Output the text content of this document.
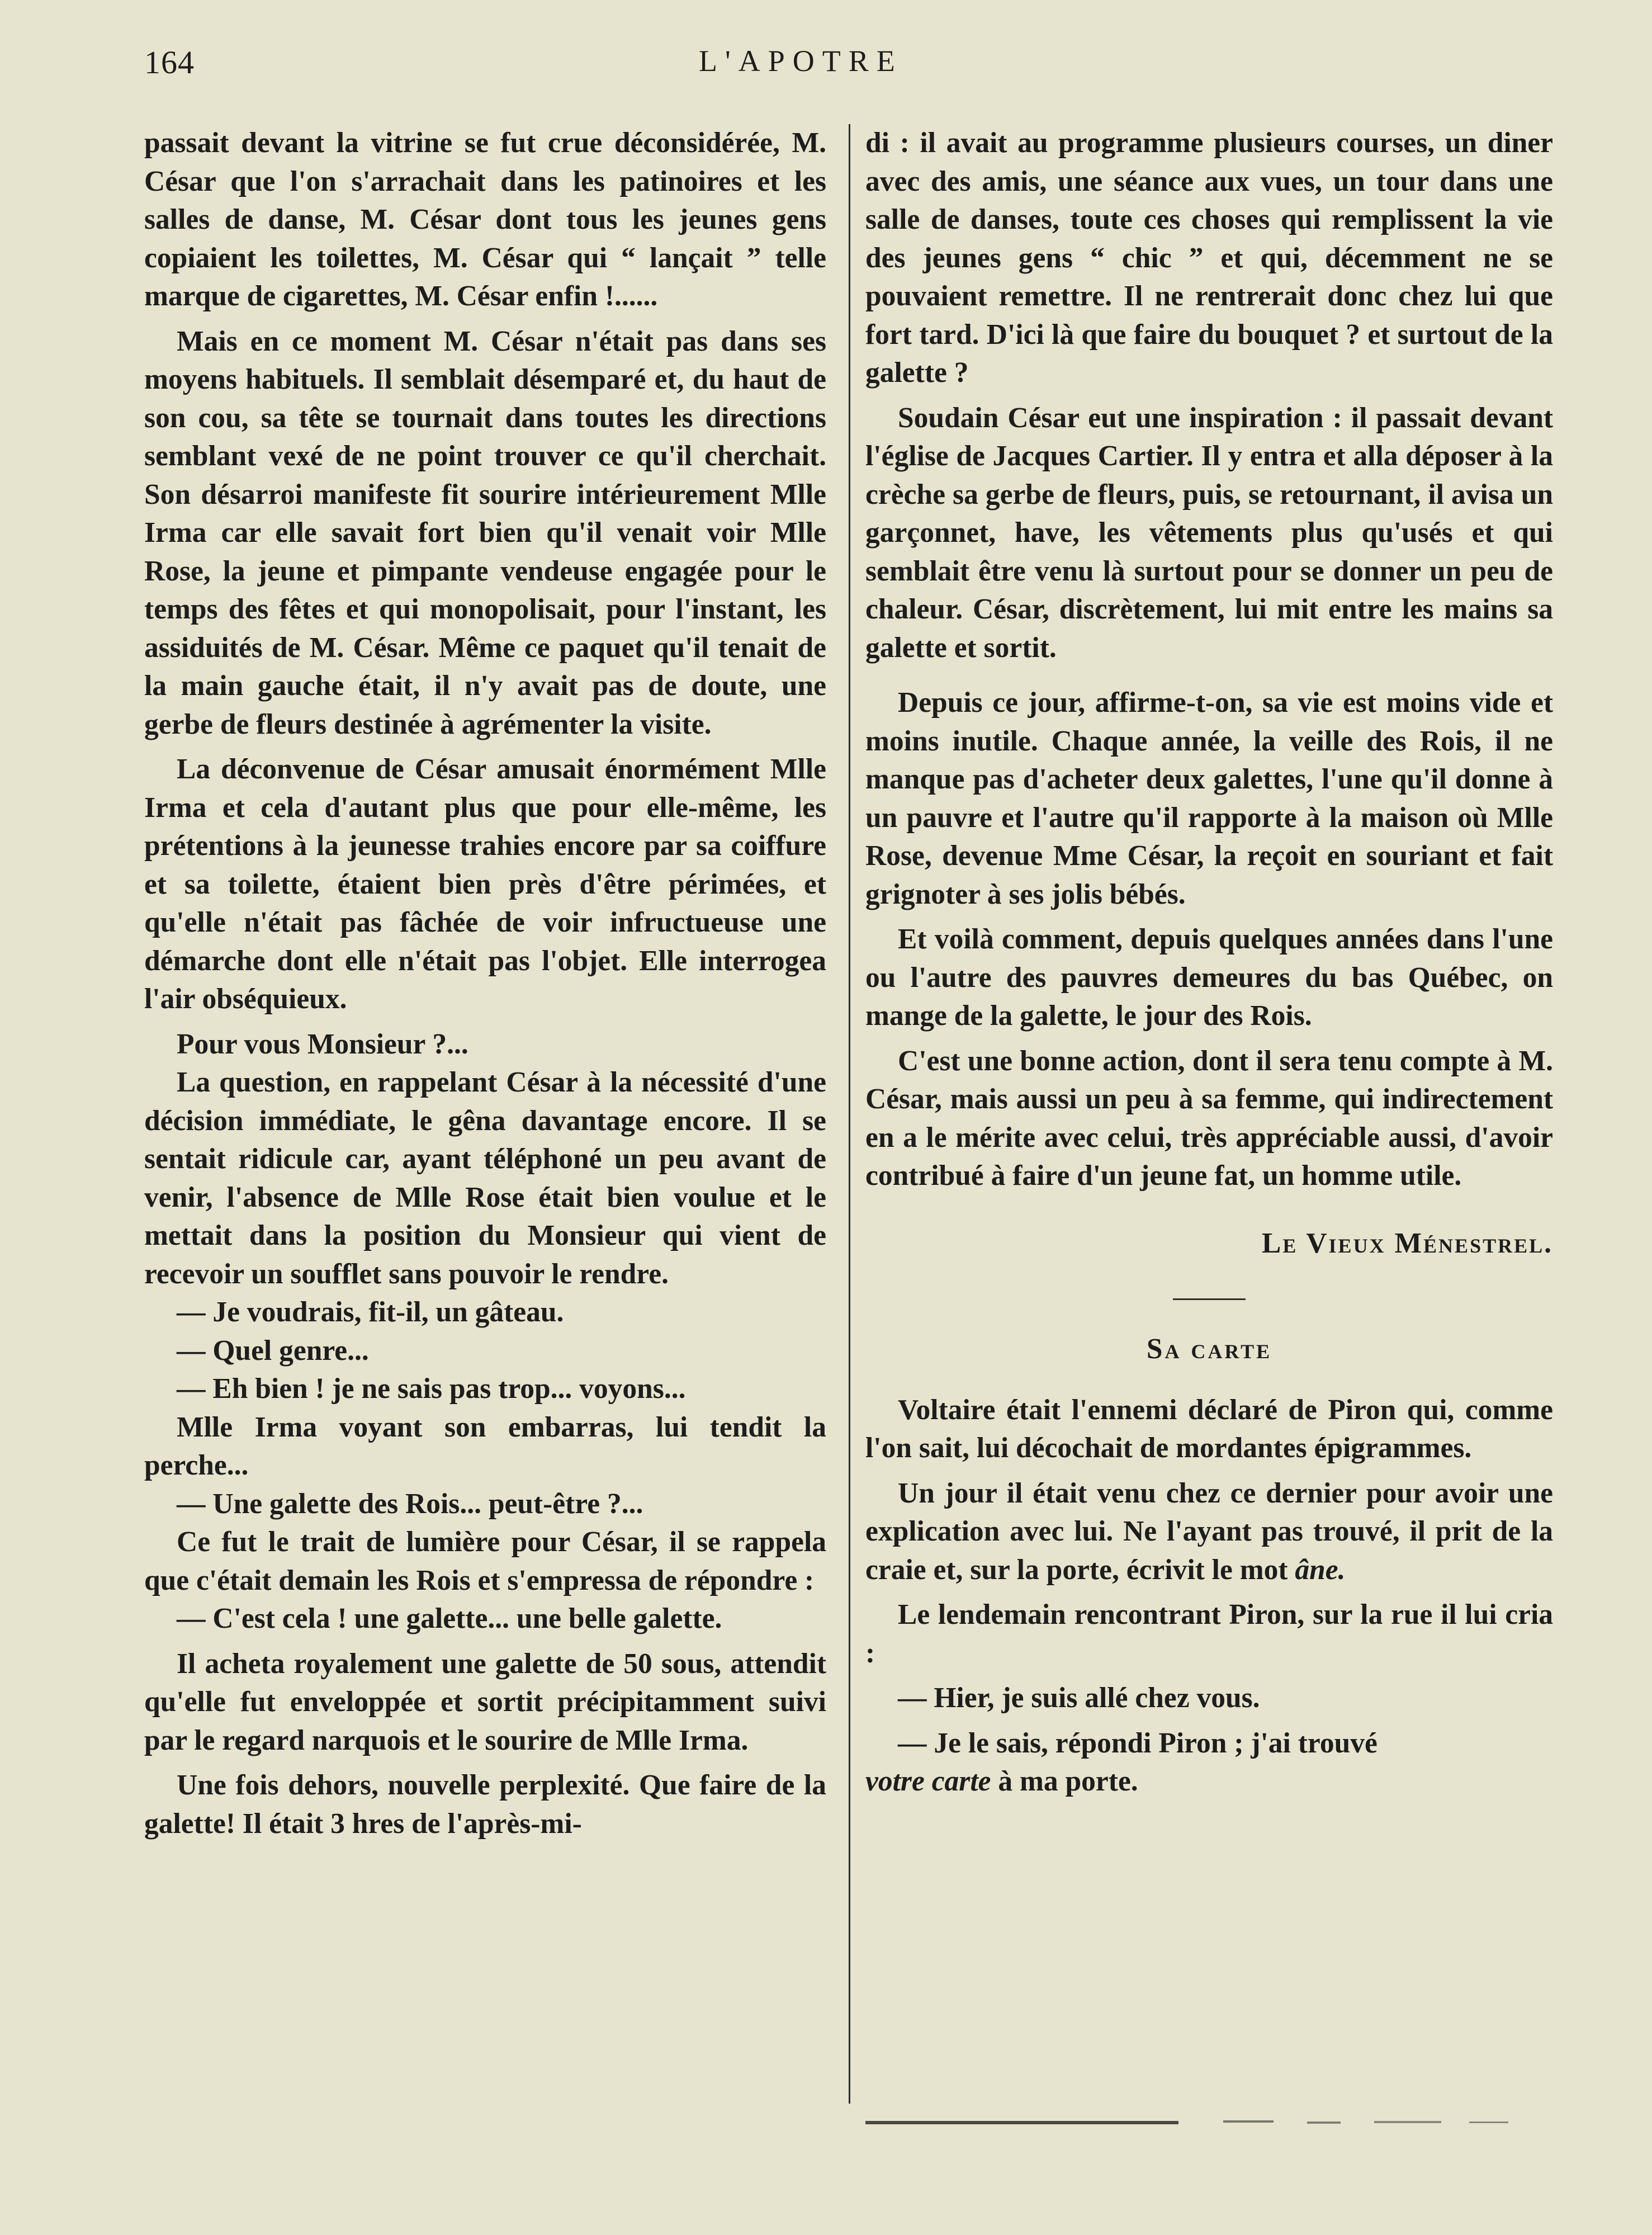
164	L'APOTRE

passait devant la vitrine se fut crue déconsidérée, M. César que l'on s'arrachait dans les patinoires et les salles de danse, M. César dont tous les jeunes gens copiaient les toilettes, M. César qui “ lançait ” telle marque de cigarettes, M. César enfin !......

Mais en ce moment M. César n'était pas dans ses moyens habituels. Il semblait désemparé et, du haut de son cou, sa tête se tournait dans toutes les directions semblant vexé de ne point trouver ce qu'il cherchait. Son désarroi manifeste fit sourire intérieurement Mlle Irma car elle savait fort bien qu'il venait voir Mlle Rose, la jeune et pimpante vendeuse engagée pour le temps des fêtes et qui monopolisait, pour l'instant, les assiduités de M. César. Même ce paquet qu'il tenait de la main gauche était, il n'y avait pas de doute, une gerbe de fleurs destinée à agrémenter la visite.

La déconvenue de César amusait énormément Mlle Irma et cela d'autant plus que pour elle-même, les prétentions à la jeunesse trahies encore par sa coiffure et sa toilette, étaient bien près d'être périmées, et qu'elle n'était pas fâchée de voir infructueuse une démarche dont elle n'était pas l'objet. Elle interrogea l'air obséquieux.

Pour vous Monsieur ?...

La question, en rappelant César à la nécessité d'une décision immédiate, le gêna davantage encore. Il se sentait ridicule car, ayant téléphoné un peu avant de venir, l'absence de Mlle Rose était bien voulue et le mettait dans la position du Monsieur qui vient de recevoir un soufflet sans pouvoir le rendre.

— Je voudrais, fit-il, un gâteau.

— Quel genre...

— Eh bien ! je ne sais pas trop... voyons...

Mlle Irma voyant son embarras, lui tendit la perche...

— Une galette des Rois... peut-être ?...

Ce fut le trait de lumière pour César, il se rappela que c'était demain les Rois et s'empressa de répondre :

— C'est cela ! une galette... une belle galette.

Il acheta royalement une galette de 50 sous, attendit qu'elle fut enveloppée et sortit précipitamment suivi par le regard narquois et le sourire de Mlle Irma.

Une fois dehors, nouvelle perplexité. Que faire de la galette! Il était 3 hres de l'après-mi-

di : il avait au programme plusieurs courses, un diner avec des amis, une séance aux vues, un tour dans une salle de danses, toute ces choses qui remplissent la vie des jeunes gens “ chic ” et qui, décemment ne se pouvaient remettre. Il ne rentrerait donc chez lui que fort tard. D'ici là que faire du bouquet ? et surtout de la galette ?

Soudain César eut une inspiration : il passait devant l'église de Jacques Cartier. Il y entra et alla déposer à la crèche sa gerbe de fleurs, puis, se retournant, il avisa un garçonnet, have, les vêtements plus qu'usés et qui semblait être venu là surtout pour se donner un peu de chaleur. César, discrètement, lui mit entre les mains sa galette et sortit.

Depuis ce jour, affirme-t-on, sa vie est moins vide et moins inutile. Chaque année, la veille des Rois, il ne manque pas d'acheter deux galettes, l'une qu'il donne à un pauvre et l'autre qu'il rapporte à la maison où Mlle Rose, devenue Mme César, la reçoit en souriant et fait grignoter à ses jolis bébés.

Et voilà comment, depuis quelques années dans l'une ou l'autre des pauvres demeures du bas Québec, on mange de la galette, le jour des Rois.

C'est une bonne action, dont il sera tenu compte à M. César, mais aussi un peu à sa femme, qui indirectement en a le mérite avec celui, très appréciable aussi, d'avoir contribué à faire d'un jeune fat, un homme utile.

Le Vieux Ménestrel.

Sa carte

Voltaire était l'ennemi déclaré de Piron qui, comme l'on sait, lui décochait de mordantes épigrammes.

Un jour il était venu chez ce dernier pour avoir une explication avec lui. Ne l'ayant pas trouvé, il prit de la craie et, sur la porte, écrivit le mot âne.

Le lendemain rencontrant Piron, sur la rue il lui cria :

— Hier, je suis allé chez vous.

— Je le sais, répondi Piron ; j'ai trouvé

votre carte à ma porte.
